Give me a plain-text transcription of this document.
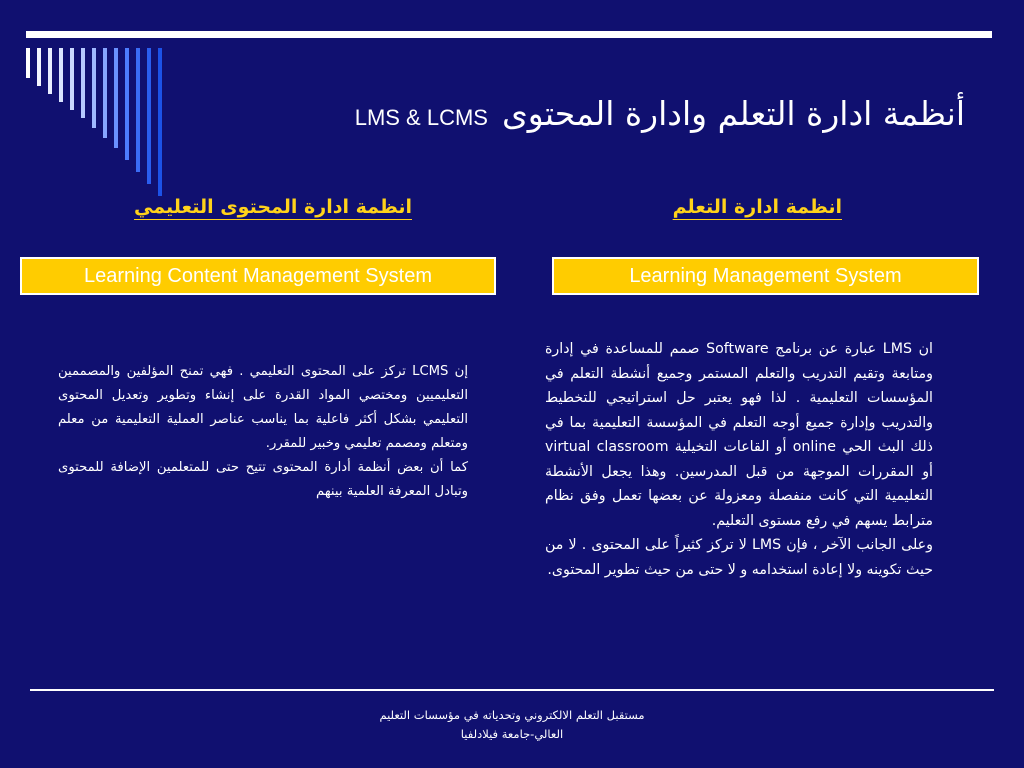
LMS & LCMS أنظمة ادارة التعلم وادارة المحتوى
انظمة ادارة التعلم
انظمة ادارة المحتوى التعليمي
Learning Content Management System	Learning Management System

إن LCMS تركز على المحتوى التعليمي . فهي تمنح المؤلفين والمصممين التعليميين ومختصي المواد القدرة على إنشاء وتطوير وتعديل المحتوى التعليمي بشكل أكثر فاعلية بما يناسب عناصر العملية التعليمية من معلم ومتعلم ومصمم تعليمي وخبير للمقرر.

كما أن بعض أنظمة أدارة المحتوى تتيح حتى للمتعلمين الإضافة للمحتوى وتبادل المعرفة العلمية بينهم

ان LMS عبارة عن برنامج Software صمم للمساعدة في إدارة ومتابعة وتقيم التدريب والتعلم المستمر وجميع أنشطة التعلم في المؤسسات التعليمية . لذا فهو يعتبر حل استراتيجي للتخطيط والتدريب وإدارة جميع أوجه التعلم في المؤسسة التعليمية بما في ذلك البث الحي online أو القاعات التخيلية virtual classroom أو المقررات الموجهة من قبل المدرسين. وهذا يجعل الأنشطة التعليمية التي كانت منفصلة ومعزولة عن بعضها تعمل وفق نظام مترابط يسهم في رفع مستوى التعليم.

وعلى الجانب الآخر ، فإن LMS لا تركز كثيراً على المحتوى . لا من حيث تكوينه ولا إعادة استخدامه و لا حتى من حيث تطوير المحتوى.

مستقبل التعلم الالكتروني وتحدياته في مؤسسات التعليم
العالي-جامعة فيلادلفيا
